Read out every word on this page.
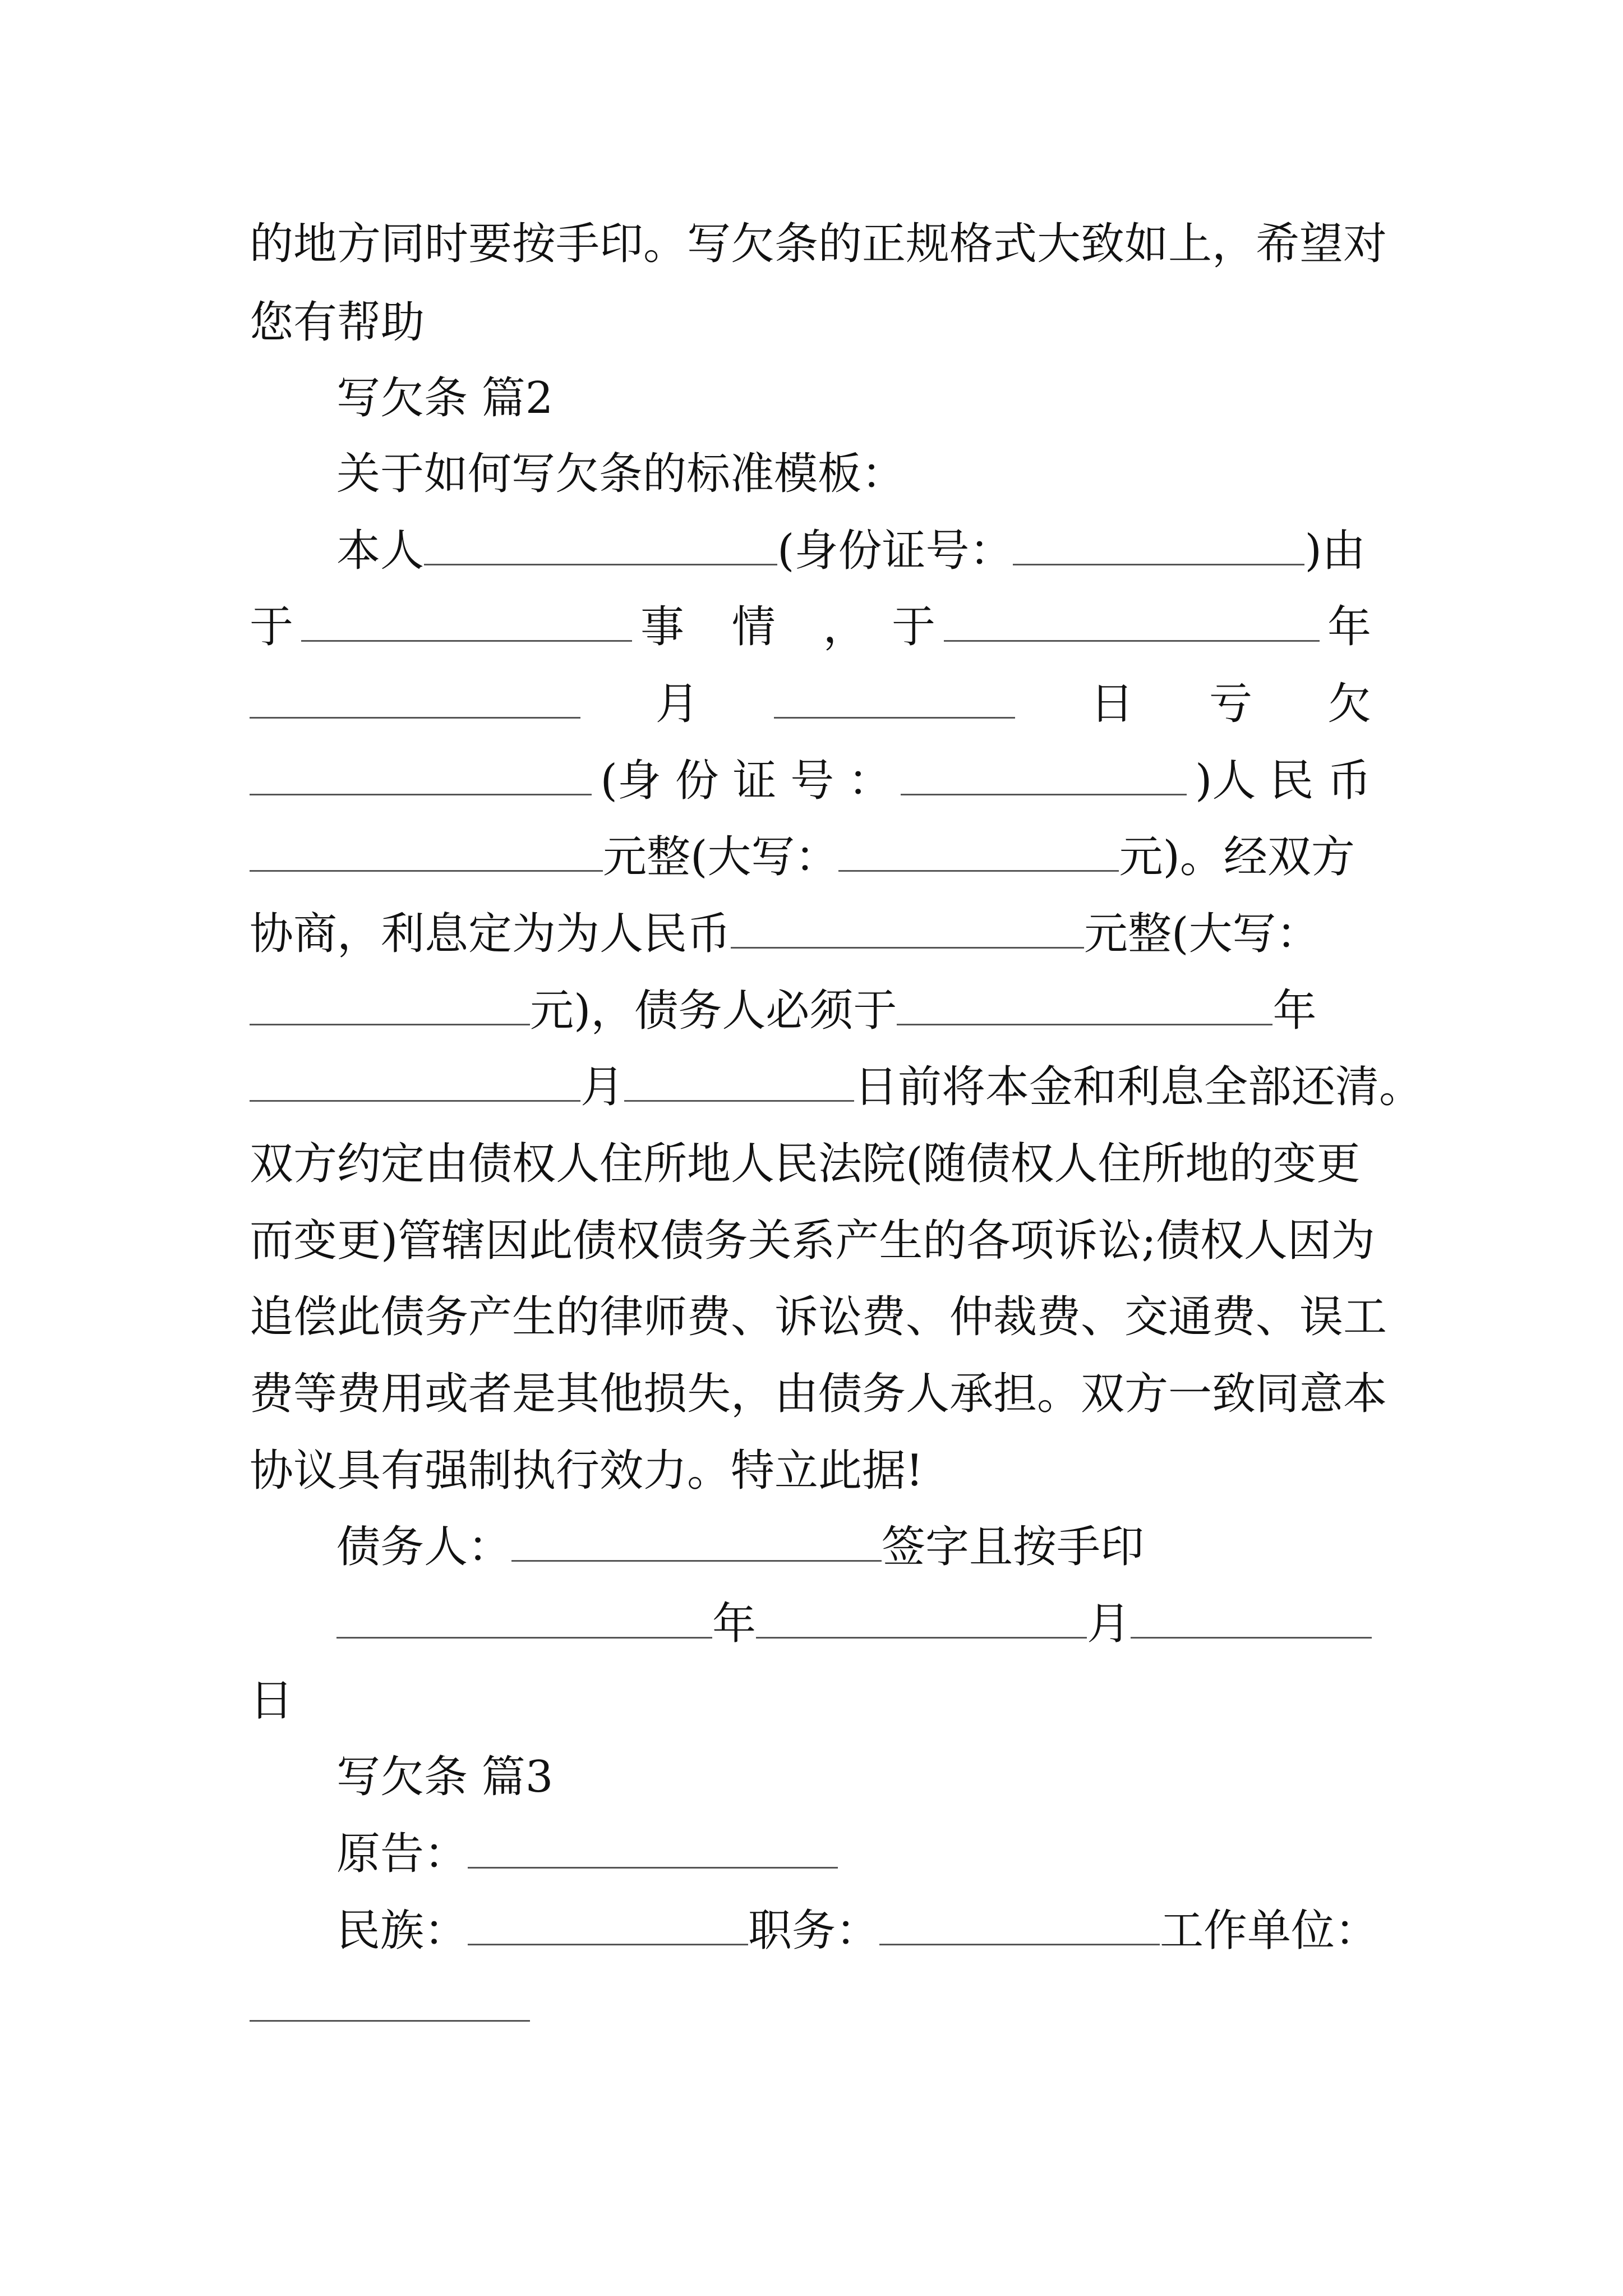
的地方同时要按手印。写欠条的正规格式大致如上，希望对
您有帮助
写欠条 篇2
关于如何写欠条的标准模板：
本人	(身份证号：	)由
于	事 情 ， 于	年
月	日 亏 欠
(身 份 证 号 ：	)人 民 币
元整(大写：	元)。经双方
协商，利息定为为人民币	元整(大写：
元)，债务人必须于	年
月	日前将本金和利息全部还清。
双方约定由债权人住所地人民法院(随债权人住所地的变更
而变更)管辖因此债权债务关系产生的各项诉讼;债权人因为
追偿此债务产生的律师费、诉讼费、仲裁费、交通费、误工
费等费用或者是其他损失，由债务人承担。双方一致同意本
协议具有强制执行效力。特立此据!
债务人：	签字且按手印
年	月
日
写欠条 篇3
原告：
民族：	职务：	工作单位：
